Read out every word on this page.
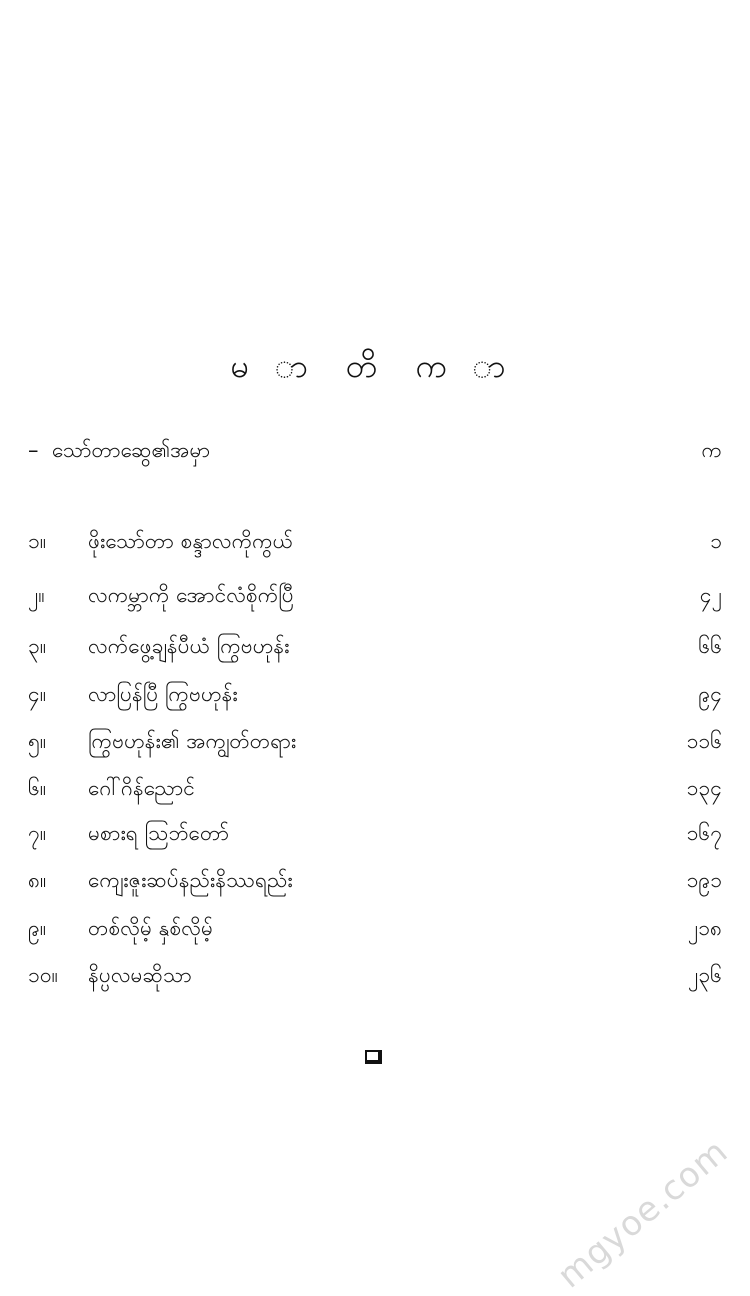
မ ာ တိ က ာ
– သော်တာဆွေ၏အမှာ	က
၁။	ဖိုးသော်တာ စန္ဒာလကိုကွယ်	၁
၂။	လကမ္ဘာကို အောင်လံစိုက်ပြီ	၄၂
၃။	လက်ဖွေ့ချန်ပီယံ ကြွဗဟုန်း	၆၆
၄။	လာပြန်ပြီ ကြွဗဟုန်း	၉၄
၅။	ကြွဗဟုန်း၏ အကျွတ်တရား	၁၁၆
၆။	ဂေါ်ဂိန်ညောင်	၁၃၄
၇။	မစားရ ဩဘ်တော်	၁၆၇
၈။	ကျေးဇူးဆပ်နည်းနိဿရည်း	၁၉၁
၉။	တစ်လိုမ့် နှစ်လိုမ့်	၂၁၈
၁၀။	နိပ္ပလမဆိုသာ	၂၃၆
mgyoe.com
